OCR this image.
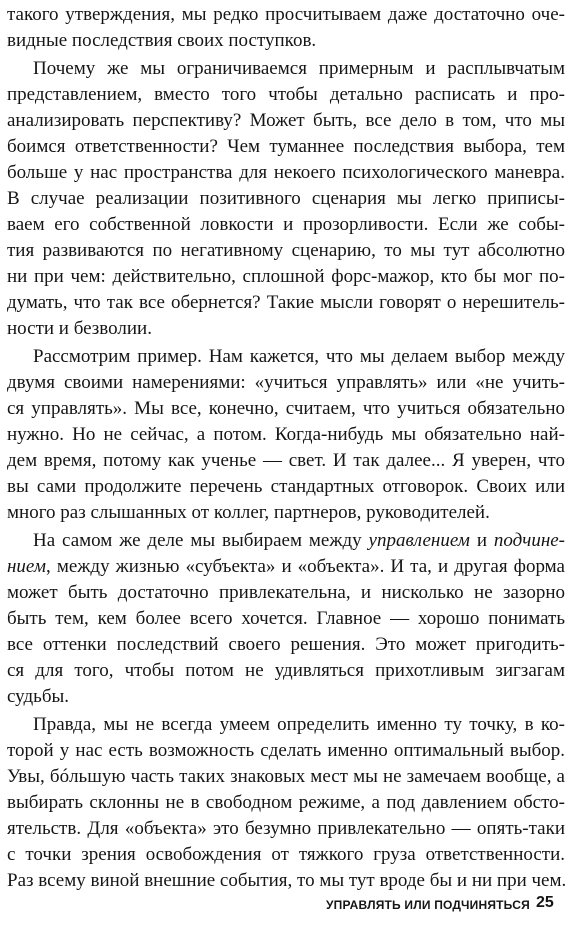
такого утверждения, мы редко просчитываем даже достаточно оче-
видные последствия своих поступков.
Почему же мы ограничиваемся примерным и расплывчатым
представлением, вместо того чтобы детально расписать и про-
анализировать перспективу? Может быть, все дело в том, что мы
боимся ответственности? Чем туманнее последствия выбора, тем
больше у нас пространства для некоего психологического маневра.
В случае реализации позитивного сценария мы легко приписы-
ваем его собственной ловкости и прозорливости. Если же собы-
тия развиваются по негативному сценарию, то мы тут абсолютно
ни при чем: действительно, сплошной форс-мажор, кто бы мог по-
думать, что так все обернется? Такие мысли говорят о нерешитель-
ности и безволии.
Рассмотрим пример. Нам кажется, что мы делаем выбор между
двумя своими намерениями: «учиться управлять» или «не учить-
ся управлять». Мы все, конечно, считаем, что учиться обязательно
нужно. Но не сейчас, а потом. Когда-нибудь мы обязательно най-
дем время, потому как ученье — свет. И так далее... Я уверен, что
вы сами продолжите перечень стандартных отговорок. Своих или
много раз слышанных от коллег, партнеров, руководителей.
На самом же деле мы выбираем между управлением и подчине-
нием, между жизнью «субъекта» и «объекта». И та, и другая форма
может быть достаточно привлекательна, и нисколько не зазорно
быть тем, кем более всего хочется. Главное — хорошо понимать
все оттенки последствий своего решения. Это может пригодить-
ся для того, чтобы потом не удивляться прихотливым зигзагам
судьбы.
Правда, мы не всегда умеем определить именно ту точку, в ко-
торой у нас есть возможность сделать именно оптимальный выбор.
Увы, бóльшую часть таких знаковых мест мы не замечаем вообще, а
выбирать склонны не в свободном режиме, а под давлением обсто-
ятельств. Для «объекта» это безумно привлекательно — опять-таки
с точки зрения освобождения от тяжкого груза ответственности.
Раз всему виной внешние события, то мы тут вроде бы и ни при чем.
УПРАВЛЯТЬ ИЛИ ПОДЧИНЯТЬСЯ 25
